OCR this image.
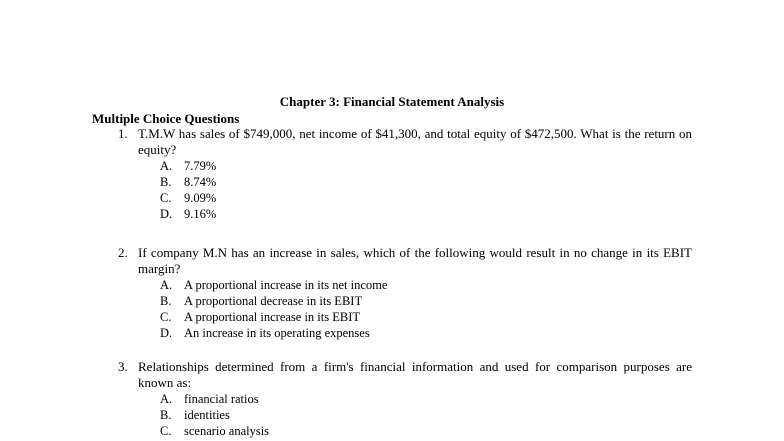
Chapter 3: Financial Statement Analysis
Multiple Choice Questions
1. T.M.W has sales of $749,000, net income of $41,300, and total equity of $472,500. What is the return on equity?
A. 7.79%
B.	8.74%
C.	9.09%
D. 9.16%
2. If company M.N has an increase in sales, which of the following would result in no change in its EBIT margin?
A. A proportional increase in its net income
B.	A proportional decrease in its EBIT
C.	A proportional increase in its EBIT
D. An increase in its operating expenses
3. Relationships determined from a firm's financial information and used for comparison purposes are known as:
A. financial ratios
B.	identities
C.	scenario analysis
